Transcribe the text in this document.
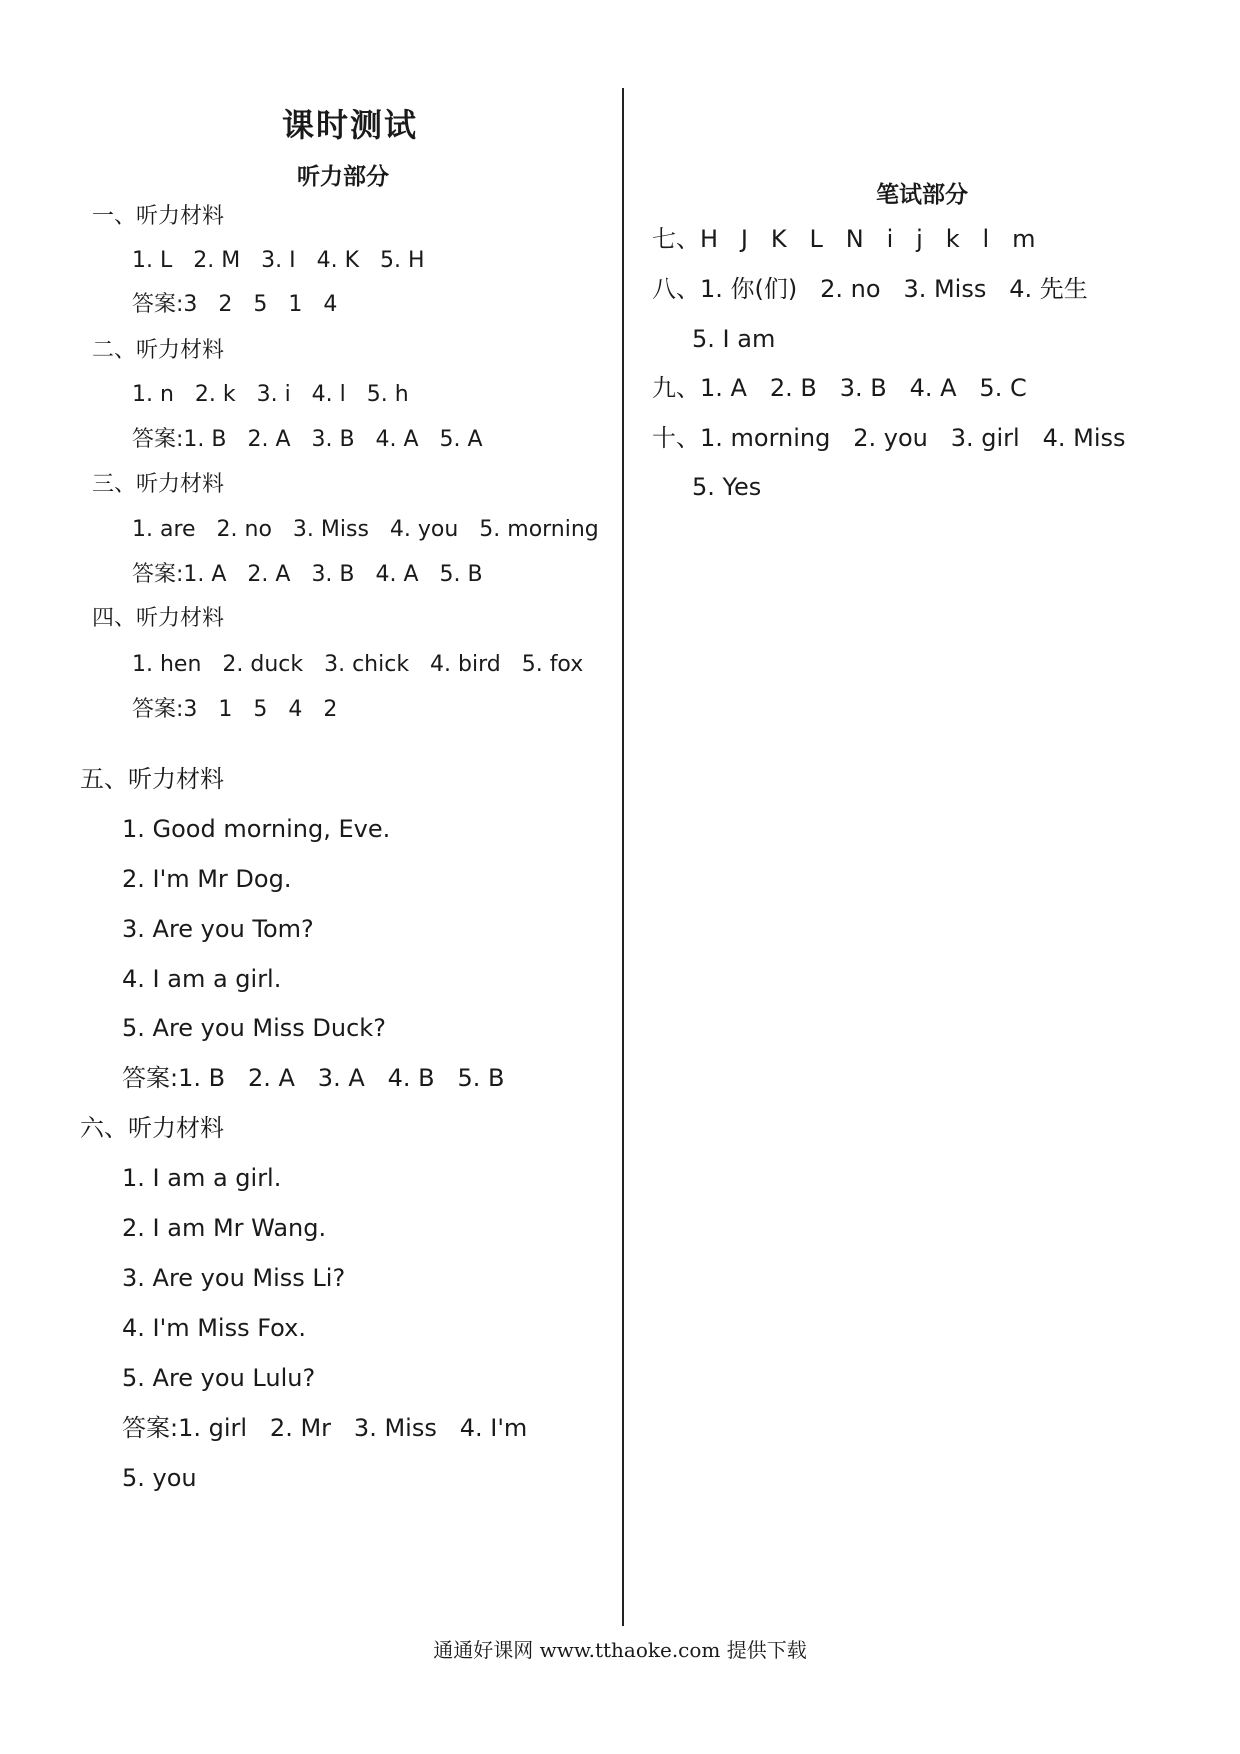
课时测试
听力部分
一、听力材料
1. L   2. M   3. I   4. K   5. H
答案:3   2   5   1   4
二、听力材料
1. n   2. k   3. i   4. l   5. h
答案:1. B   2. A   3. B   4. A   5. A
三、听力材料
1. are   2. no   3. Miss   4. you   5. morning
答案:1. A   2. A   3. B   4. A   5. B
四、听力材料
1. hen   2. duck   3. chick   4. bird   5. fox
答案:3   1   5   4   2
五、听力材料
1. Good morning, Eve.
2. I'm Mr Dog.
3. Are you Tom?
4. I am a girl.
5. Are you Miss Duck?
答案:1. B   2. A   3. A   4. B   5. B
六、听力材料
1. I am a girl.
2. I am Mr Wang.
3. Are you Miss Li?
4. I'm Miss Fox.
5. Are you Lulu?
答案:1. girl   2. Mr   3. Miss   4. I'm
5. you
笔试部分
七、H   J   K   L   N   i   j   k   l   m
八、1. 你(们)   2. no   3. Miss   4. 先生
5. I am
九、1. A   2. B   3. B   4. A   5. C
十、1. morning   2. you   3. girl   4. Miss
5. Yes
通通好课网 www.tthaoke.com 提供下载
